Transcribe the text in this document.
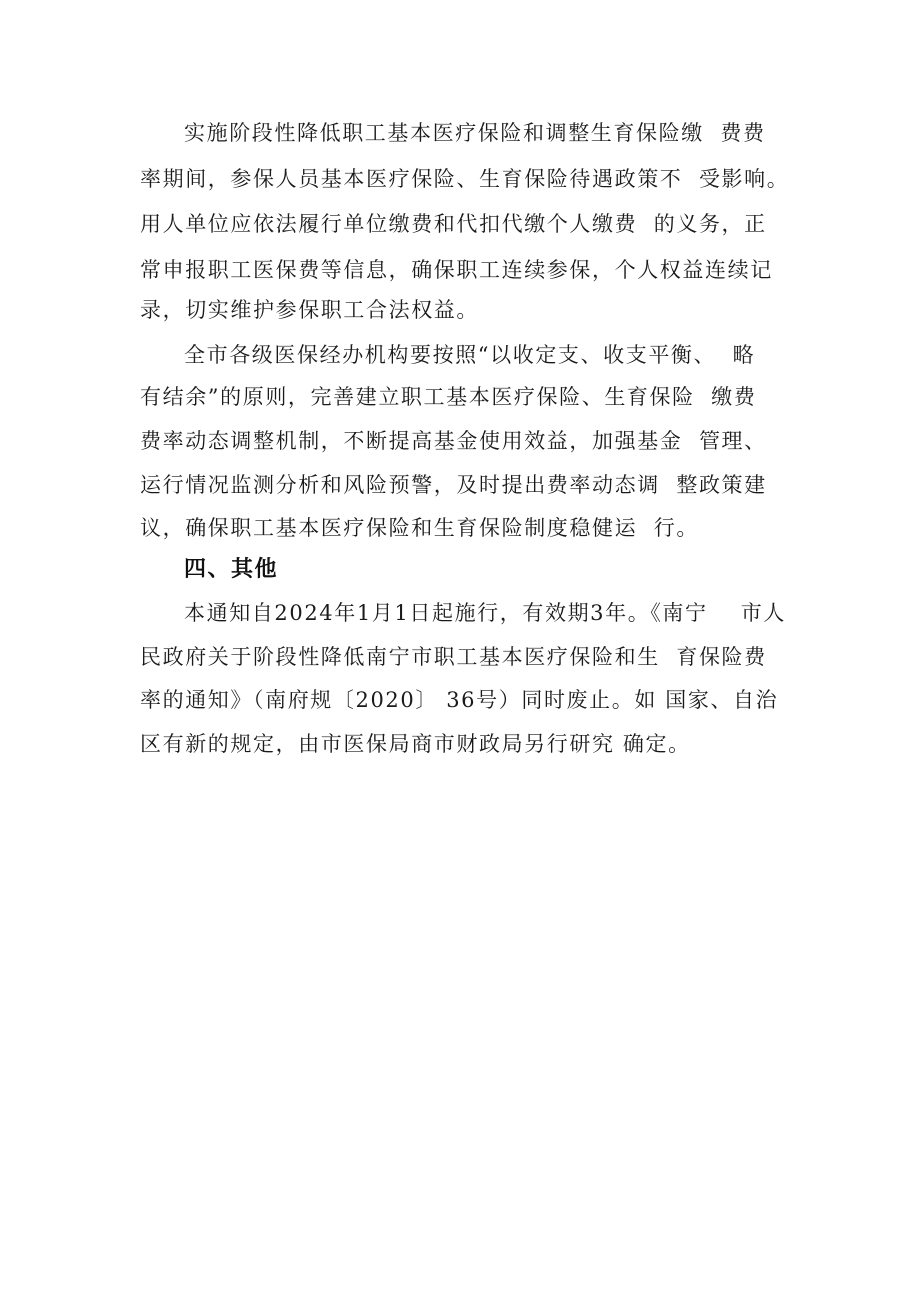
实施阶段性降低职工基本医疗保险和调整生育保险缴  费费
率期间，参保人员基本医疗保险、生育保险待遇政策不  受影响。
用人单位应依法履行单位缴费和代扣代缴个人缴费  的义务，正
常申报职工医保费等信息，确保职工连续参保，个人权益连续记
录，切实维护参保职工合法权益。
全市各级医保经办机构要按照“以收定支、收支平衡、  略
有结余”的原则，完善建立职工基本医疗保险、生育保险  缴费
费率动态调整机制，不断提高基金使用效益，加强基金  管理、
运行情况监测分析和风险预警，及时提出费率动态调  整政策建
议，确保职工基本医疗保险和生育保险制度稳健运  行。
四、其他
本通知自2024年1月1日起施行，有效期3年。《南宁    市人
民政府关于阶段性降低南宁市职工基本医疗保险和生  育保险费
率的通知》（南府规〔2020〕 36号）同时废止。如 国家、自治
区有新的规定，由市医保局商市财政局另行研究 确定。
